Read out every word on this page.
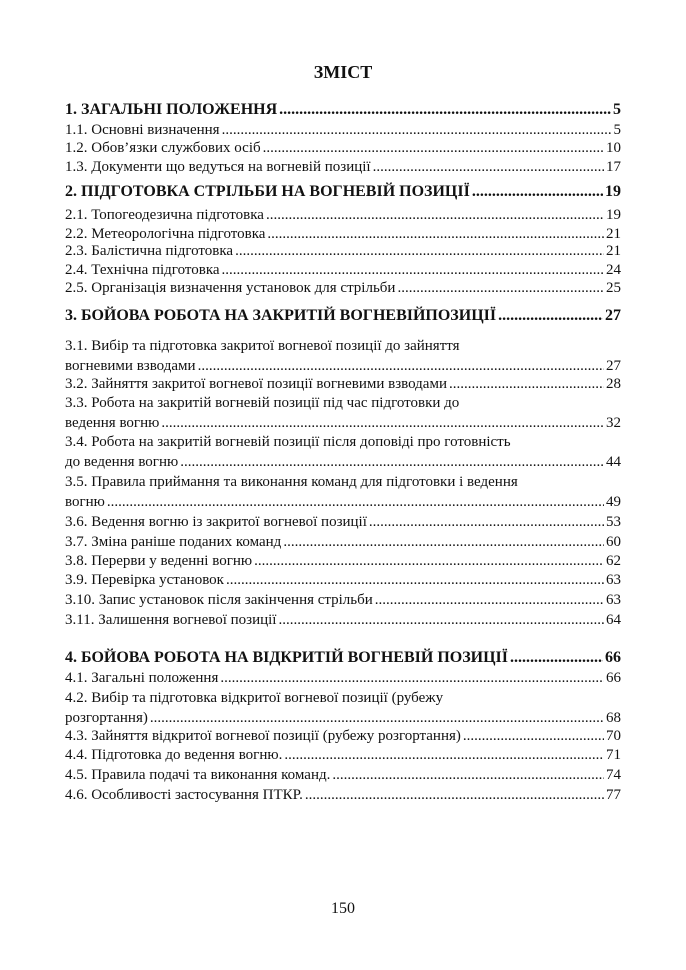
ЗМІСТ
1. ЗАГАЛЬНІ ПОЛОЖЕННЯ .....	5
1.1. Основні визначення .....	5
1.2. Обов’язки службових осіб .....	10
1.3. Документи що ведуться на вогневій позиції .....	17
2. ПІДГОТОВКА СТРІЛЬБИ НА ВОГНЕВІЙ ПОЗИЦІЇ .....	19
2.1. Топогеодезична підготовка .....	19
2.2. Метеорологічна підготовка .....	21
2.3. Балістична підготовка .....	21
2.4. Технічна підготовка .....	24
2.5. Організація визначення установок для стрільби .....	25
3. БОЙОВА РОБОТА НА ЗАКРИТІЙ ВОГНЕВІЙПОЗИЦІЇ .....	27
3.1. Вибір та підготовка закритої вогневої позиції до зайняття
вогневими взводами .....	27
3.2. Зайняття закритої вогневої позиції вогневими взводами .....	28
3.3. Робота на закритій вогневій позиції під час підготовки до
ведення вогню .....	32
3.4. Робота на закритій вогневій позиції після доповіді про готовність
до ведення вогню .....	44
3.5. Правила приймання та виконання команд для підготовки і ведення
вогню .....	49
3.6. Ведення вогню із закритої вогневої позиції .....	53
3.7. Зміна раніше поданих команд .....	60
3.8. Перерви у веденні вогню .....	62
3.9. Перевірка установок .....	63
3.10. Запис установок після закінчення стрільби .....	63
3.11. Залишення вогневої позиції .....	64
4. БОЙОВА РОБОТА НА ВІДКРИТІЙ ВОГНЕВІЙ ПОЗИЦІЇ .....	66
4.1. Загальні положення .....	66
4.2. Вибір та підготовка відкритої вогневої позиції (рубежу
розгортання) .....	68
4.3. Зайняття відкритої вогневої позиції (рубежу розгортання) .....	70
4.4. Підготовка до ведення вогню. .....	71
4.5. Правила подачі та виконання команд. .....	74
4.6. Особливості застосування ПТКР. .....	77
150
